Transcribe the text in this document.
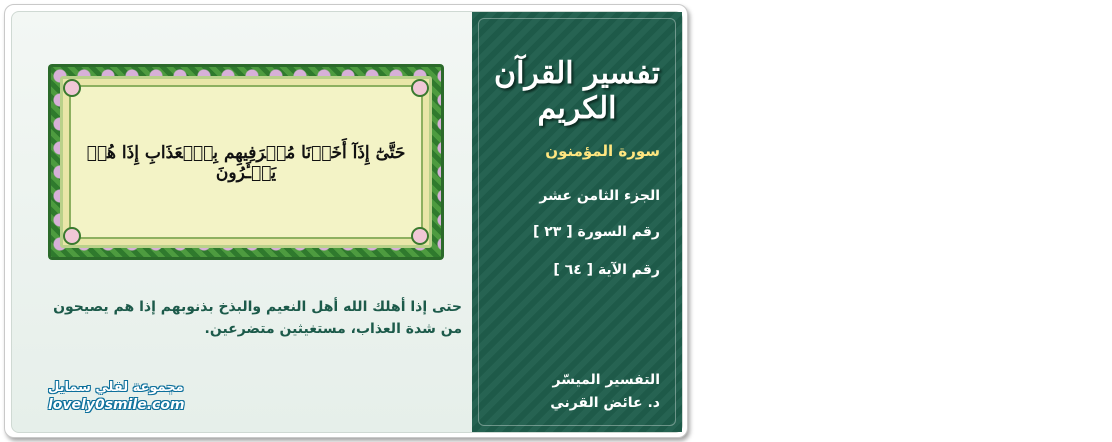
تفسير القرآن
تفسير القرآن الكريم
سورة المؤمنون
الجزء الثامن عشر
رقم السورة [ ٢٣ ]
رقم الآية [ ٦٤ ]
التفسير الميسّر
د. عائض القرني
حَتَّىٰٓ إِذَآ أَخَذۡنَا مُتۡرَفِيهِم بِٱلۡعَذَابِ إِذَا هُمۡ يَجۡـَٔرُونَ
حتى إذا أهلك الله أهل النعيم والبذخ بذنوبهم إذا هم يصيحون من شدة العذاب، مستغيثين متضرعين.
مجموعة لفلي سمايل
lovely0smile.com
